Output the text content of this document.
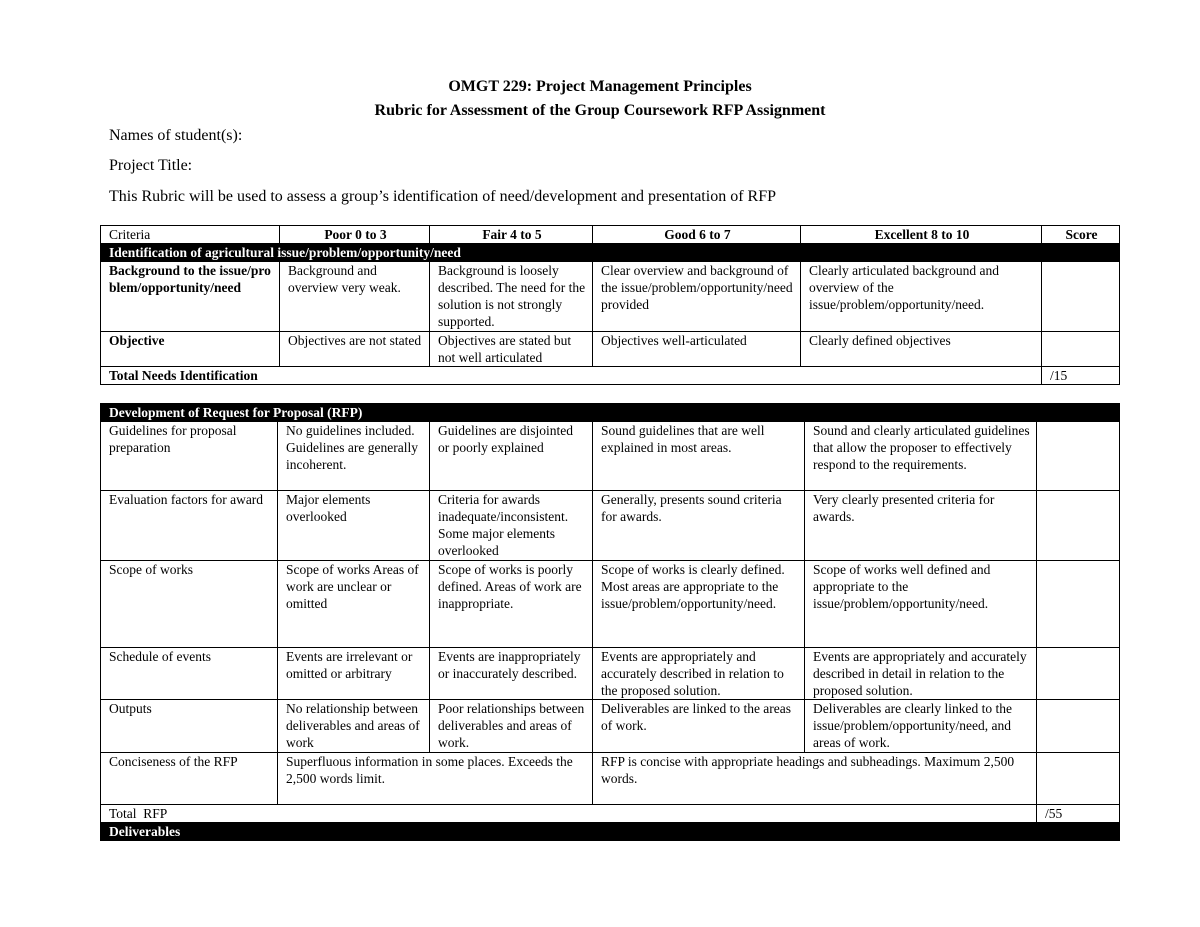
OMGT 229: Project Management Principles
Rubric for Assessment of the Group Coursework RFP Assignment
Names of student(s):
Project Title:
This Rubric will be used to assess a group’s identification of need/development and presentation of RFP
Criteria	Poor 0 to 3	Fair 4 to 5	Good 6 to 7	Excellent 8 to 10	Score
Identification of agricultural issue/problem/opportunity/need					
Background to the issue/problem/opportunity/need	Background and overview very weak.	Background is loosely described. The need for the solution is not strongly supported.	Clear overview and background of the issue/problem/opportunity/need provided	Clearly articulated background and overview of the issue/problem/opportunity/need.	
Objective	Objectives are not stated	Objectives are stated but not well articulated	Objectives well-articulated	Clearly defined objectives	
Total Needs Identification					/15
Development of Request for Proposal (RFP)					
Guidelines for proposal preparation	No guidelines included. Guidelines are generally incoherent.	Guidelines are disjointed or poorly explained	Sound guidelines that are well explained in most areas.	Sound and clearly articulated guidelines that allow the proposer to effectively respond to the requirements.	
Evaluation factors for award	Major elements overlooked	Criteria for awards inadequate/inconsistent. Some major elements overlooked	Generally, presents sound criteria for awards.	Very clearly presented criteria for awards.	
Scope of works	Scope of works Areas of work are unclear or omitted	Scope of works is poorly defined. Areas of work are inappropriate.	Scope of works is clearly defined. Most areas are appropriate to the issue/problem/opportunity/need.	Scope of works well defined and appropriate to the issue/problem/opportunity/need.	
Schedule of events	Events are irrelevant or omitted or arbitrary	Events are inappropriately or inaccurately described.	Events are appropriately and accurately described in relation to the proposed solution.	Events are appropriately and accurately described in detail in relation to the proposed solution.	
Outputs	No relationship between deliverables and areas of work	Poor relationships between deliverables and areas of work.	Deliverables are linked to the areas of work.	Deliverables are clearly linked to the issue/problem/opportunity/need, and areas of work.	
Conciseness of the RFP	Superfluous information in some places. Exceeds the 2,500 words limit.		RFP is concise with appropriate headings and subheadings. Maximum 2,500 words.		
Total  RFP					/55
Deliverables					
